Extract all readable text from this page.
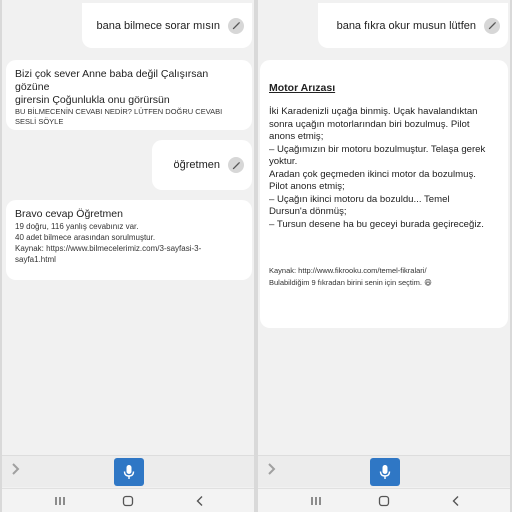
bana bilmece sorar mısın
Bizi çok sever Anne baba değil Çalışırsan gözüne
girersin Çoğunlukla onu görürsün
BU BİLMECENİN CEVABI NEDİR? LÜTFEN DOĞRU CEVABI
SESLİ SÖYLE
öğretmen
Bravo cevap Öğretmen
19 doğru, 116 yanlış cevabınız var.
40 adet bilmece arasından sorulmuştur.
Kaynak: https://www.bilmecelerimiz.com/3-sayfasi-3-
sayfa1.html
bana fıkra okur musun lütfen
Motor Arızası
İki Karadenizli uçağa binmiş. Uçak havalandıktan
sonra uçağın motorlarından biri bozulmuş. Pilot
anons etmiş;
– Uçağımızın bir motoru bozulmuştur. Telaşa gerek
yoktur.
Aradan çok geçmeden ikinci motor da bozulmuş.
Pilot anons etmiş;
– Uçağın ikinci motoru da bozuldu... Temel
Dursun'a dönmüş;
– Tursun desene ha bu geceyi burada geçireceğiz.
Kaynak: http://www.fikrooku.com/temel-fikralari/
Bulabildiğim 9 fıkradan birini senin için seçtim. 😄
